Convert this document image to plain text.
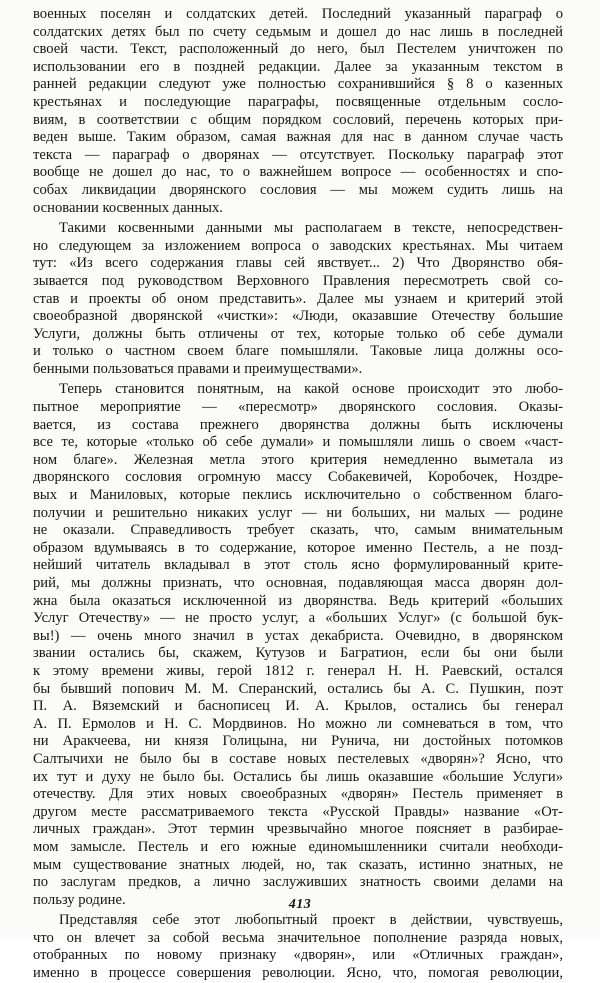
военных поселян и солдатских детей. Последний указанный параграф о
солдатских детях был по счету седьмым и дошел до нас лишь в последней
своей части. Текст, расположенный до него, был Пестелем уничтожен по
использовании его в поздней редакции. Далее за указанным текстом в
ранней редакции следуют уже полностью сохранившийся § 8 о казенных
крестьянах и последующие параграфы, посвященные отдельным сосло-
виям, в соответствии с общим порядком сословий, перечень которых при-
веден выше. Таким образом, самая важная для нас в данном случае часть
текста — параграф о дворянах — отсутствует. Поскольку параграф этот
вообще не дошел до нас, то о важнейшем вопросе — особенностях и спо-
собах ликвидации дворянского сословия — мы можем судить лишь на
основании косвенных данных.
Такими косвенными данными мы располагаем в тексте, непосредствен-
но следующем за изложением вопроса о заводских крестьянах. Мы читаем
тут: «Из всего содержания главы сей явствует... 2) Что Дворянство обя-
зывается под руководством Верховного Правления пересмотреть свой со-
став и проекты об оном представить». Далее мы узнаем и критерий этой
своеобразной дворянской «чистки»: «Люди, оказавшие Отечеству большие
Услуги, должны быть отличены от тех, которые только об себе думали
и только о частном своем благе помышляли. Таковые лица должны осо-
бенными пользоваться правами и преимуществами».
Теперь становится понятным, на какой основе происходит это любо-
пытное мероприятие — «пересмотр» дворянского сословия. Оказы-
вается, из состава прежнего дворянства должны быть исключены
все те, которые «только об себе думали» и помышляли лишь о своем «част-
ном благе». Железная метла этого критерия немедленно выметала из
дворянского сословия огромную массу Собакевичей, Коробочек, Ноздре-
вых и Маниловых, которые пеклись исключительно о собственном благо-
получии и решительно никаких услуг — ни больших, ни малых — родине
не оказали. Справедливость требует сказать, что, самым внимательным
образом вдумываясь в то содержание, которое именно Пестель, а не позд-
нейший читатель вкладывал в этот столь ясно формулированный крите-
рий, мы должны признать, что основная, подавляющая масса дворян дол-
жна была оказаться исключенной из дворянства. Ведь критерий «больших
Услуг Отечеству» — не просто услуг, а «больших Услуг» (с большой бук-
вы!) — очень много значил в устах декабриста. Очевидно, в дворянском
звании остались бы, скажем, Кутузов и Багратион, если бы они были
к этому времени живы, герой 1812 г. генерал Н. Н. Раевский, остался
бы бывший попович М. М. Сперанский, остались бы А. С. Пушкин, поэт
П. А. Вяземский и баснописец И. А. Крылов, остались бы генерал
А. П. Ермолов и Н. С. Мордвинов. Но можно ли сомневаться в том, что
ни Аракчеева, ни князя Голицына, ни Рунича, ни достойных потомков
Салтычихи не было бы в составе новых пестелевых «дворян»? Ясно, что
их тут и духу не было бы. Остались бы лишь оказавшие «большие Услуги»
отечеству. Для этих новых своеобразных «дворян» Пестель применяет в
другом месте рассматриваемого текста «Русской Правды» название «От-
личных граждан». Этот термин чрезвычайно многое поясняет в разбирае-
мом замысле. Пестель и его южные единомышленники считали необходи-
мым существование знатных людей, но, так сказать, истинно знатных, не
по заслугам предков, а лично заслуживших знатность своими делами на
пользу родине.
Представляя себе этот любопытный проект в действии, чувствуешь,
что он влечет за собой весьма значительное пополнение разряда новых,
отобранных по новому признаку «дворян», или «Отличных граждан»,
именно в процессе совершения революции. Ясно, что, помогая революции,
413
